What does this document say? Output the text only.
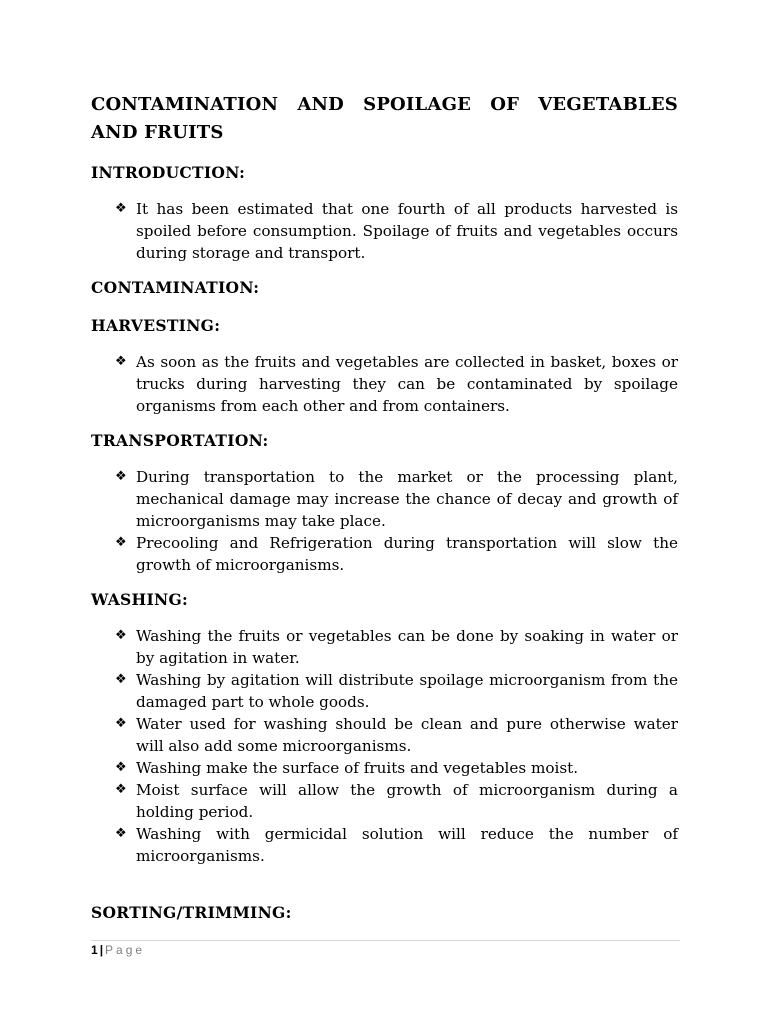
CONTAMINATION AND SPOILAGE OF VEGETABLES AND FRUITS
INTRODUCTION:
❖ It has been estimated that one fourth of all products harvested is spoiled before consumption. Spoilage of fruits and vegetables occurs during storage and transport.
CONTAMINATION:
HARVESTING:
❖ As soon as the fruits and vegetables are collected in basket, boxes or trucks during harvesting they can be contaminated by spoilage organisms from each other and from containers.
TRANSPORTATION:
❖ During transportation to the market or the processing plant, mechanical damage may increase the chance of decay and growth of microorganisms may take place.
❖ Precooling and Refrigeration during transportation will slow the growth of microorganisms.
WASHING:
❖ Washing the fruits or vegetables can be done by soaking in water or by agitation in water.
❖ Washing by agitation will distribute spoilage microorganism from the damaged part to whole goods.
❖ Water used for washing should be clean and pure otherwise water will also add some microorganisms.
❖ Washing make the surface of fruits and vegetables moist.
❖ Moist surface will allow the growth of microorganism during a holding period.
❖ Washing with germicidal solution will reduce the number of microorganisms.
SORTING/TRIMMING:
1 | Page
